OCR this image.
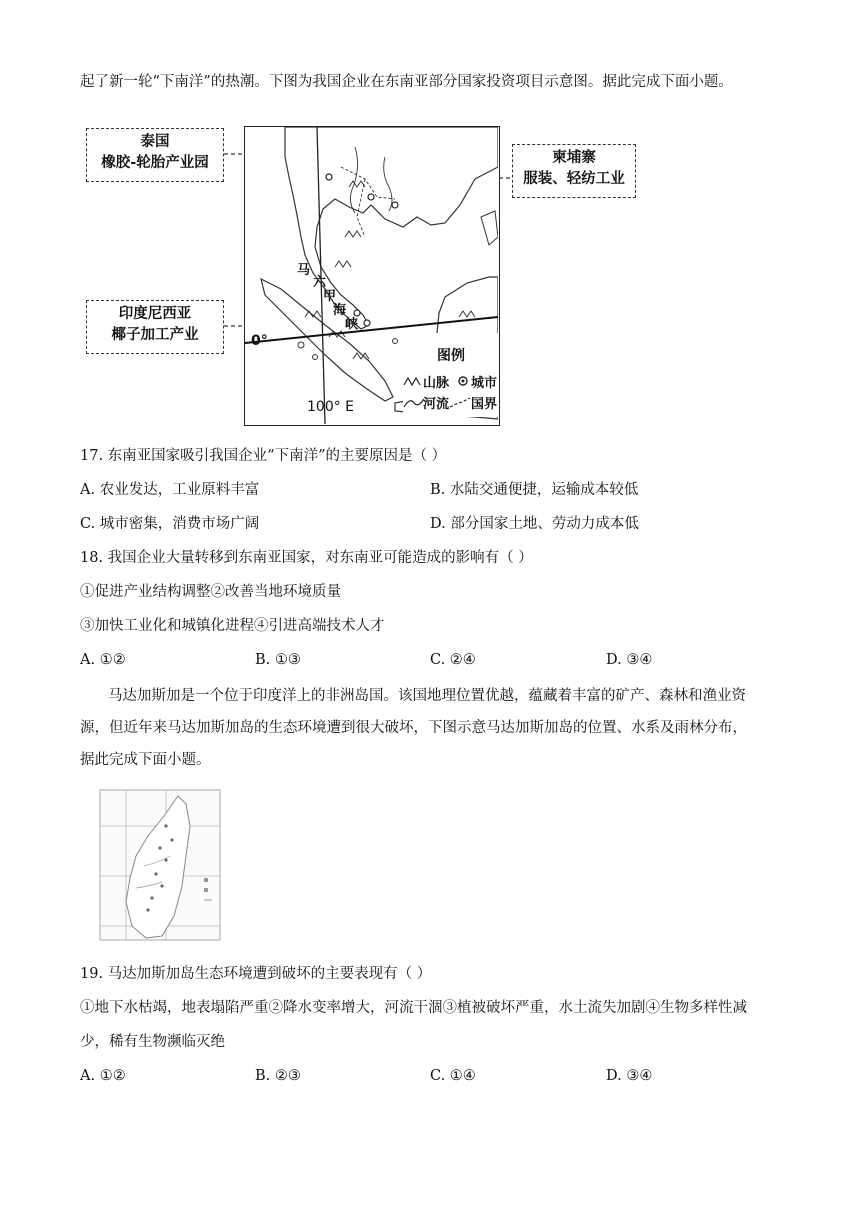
起了新一轮“下南洋”的热潮。下图为我国企业在东南亚部分国家投资项目示意图。据此完成下面小题。
泰国
橡胶-轮胎产业园	柬埔寨
服装、轻纺工业
印度尼西亚
椰子加工产业
马
六
甲
海
峡
0°
100° E
图例
山脉 城市
河流 国界
17. 东南亚国家吸引我国企业“下南洋”的主要原因是（ ）
A. 农业发达，工业原料丰富	B. 水陆交通便捷，运输成本较低
C. 城市密集，消费市场广阔	D. 部分国家土地、劳动力成本低
18. 我国企业大量转移到东南亚国家，对东南亚可能造成的影响有（ ）
①促进产业结构调整②改善当地环境质量
③加快工业化和城镇化进程④引进高端技术人才
A. ①②	B. ①③	C. ②④	D. ③④
马达加斯加是一个位于印度洋上的非洲岛国。该国地理位置优越，蕴藏着丰富的矿产、森林和渔业资
源，但近年来马达加斯加岛的生态环境遭到很大破坏，下图示意马达加斯加岛的位置、水系及雨林分布，
据此完成下面小题。
19. 马达加斯加岛生态环境遭到破坏的主要表现有（ ）
①地下水枯竭，地表塌陷严重②降水变率增大，河流干涸③植被破坏严重，水土流失加剧④生物多样性减
少，稀有生物濒临灭绝
A. ①②	B. ②③	C. ①④	D. ③④
